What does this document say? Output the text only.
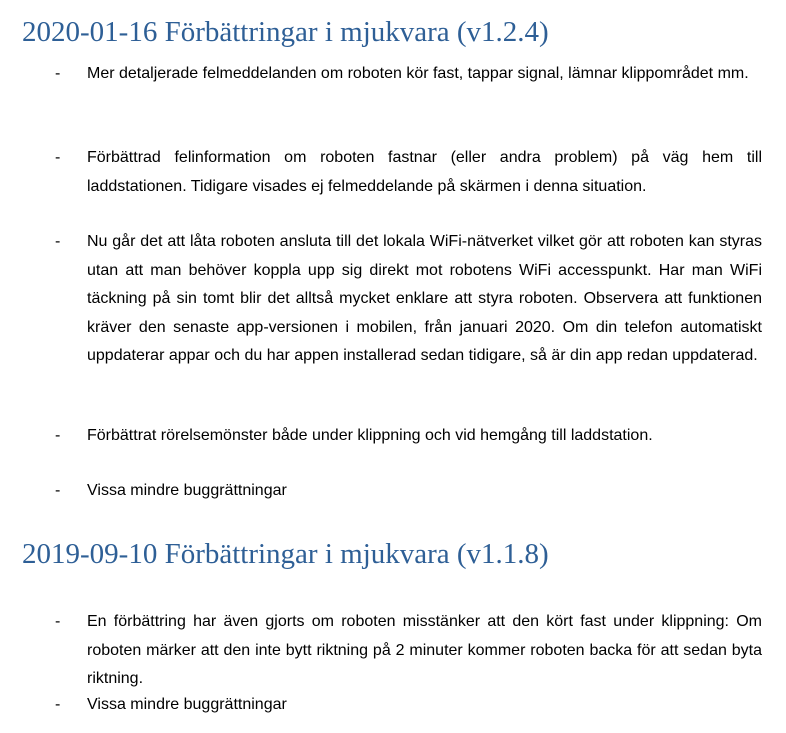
2020-01-16 Förbättringar i mjukvara (v1.2.4)
- Mer detaljerade felmeddelanden om roboten kör fast, tappar signal, lämnar klippområdet mm.

- Förbättrad felinformation om roboten fastnar (eller andra problem) på väg hem till laddstationen. Tidigare visades ej felmeddelande på skärmen i denna situation.

- Nu går det att låta roboten ansluta till det lokala WiFi-nätverket vilket gör att roboten kan styras utan att man behöver koppla upp sig direkt mot robotens WiFi accesspunkt. Har man WiFi täckning på sin tomt blir det alltså mycket enklare att styra roboten. Observera att funktionen kräver den senaste app-versionen i mobilen, från januari 2020. Om din telefon automatiskt uppdaterar appar och du har appen installerad sedan tidigare, så är din app redan uppdaterad.

- Förbättrat rörelsemönster både under klippning och vid hemgång till laddstation.

- Vissa mindre buggrättningar

2019-09-10 Förbättringar i mjukvara (v1.1.8)
- En förbättring har även gjorts om roboten misstänker att den kört fast under klippning: Om roboten märker att den inte bytt riktning på 2 minuter kommer roboten backa för att sedan byta riktning.

- Vissa mindre buggrättningar
